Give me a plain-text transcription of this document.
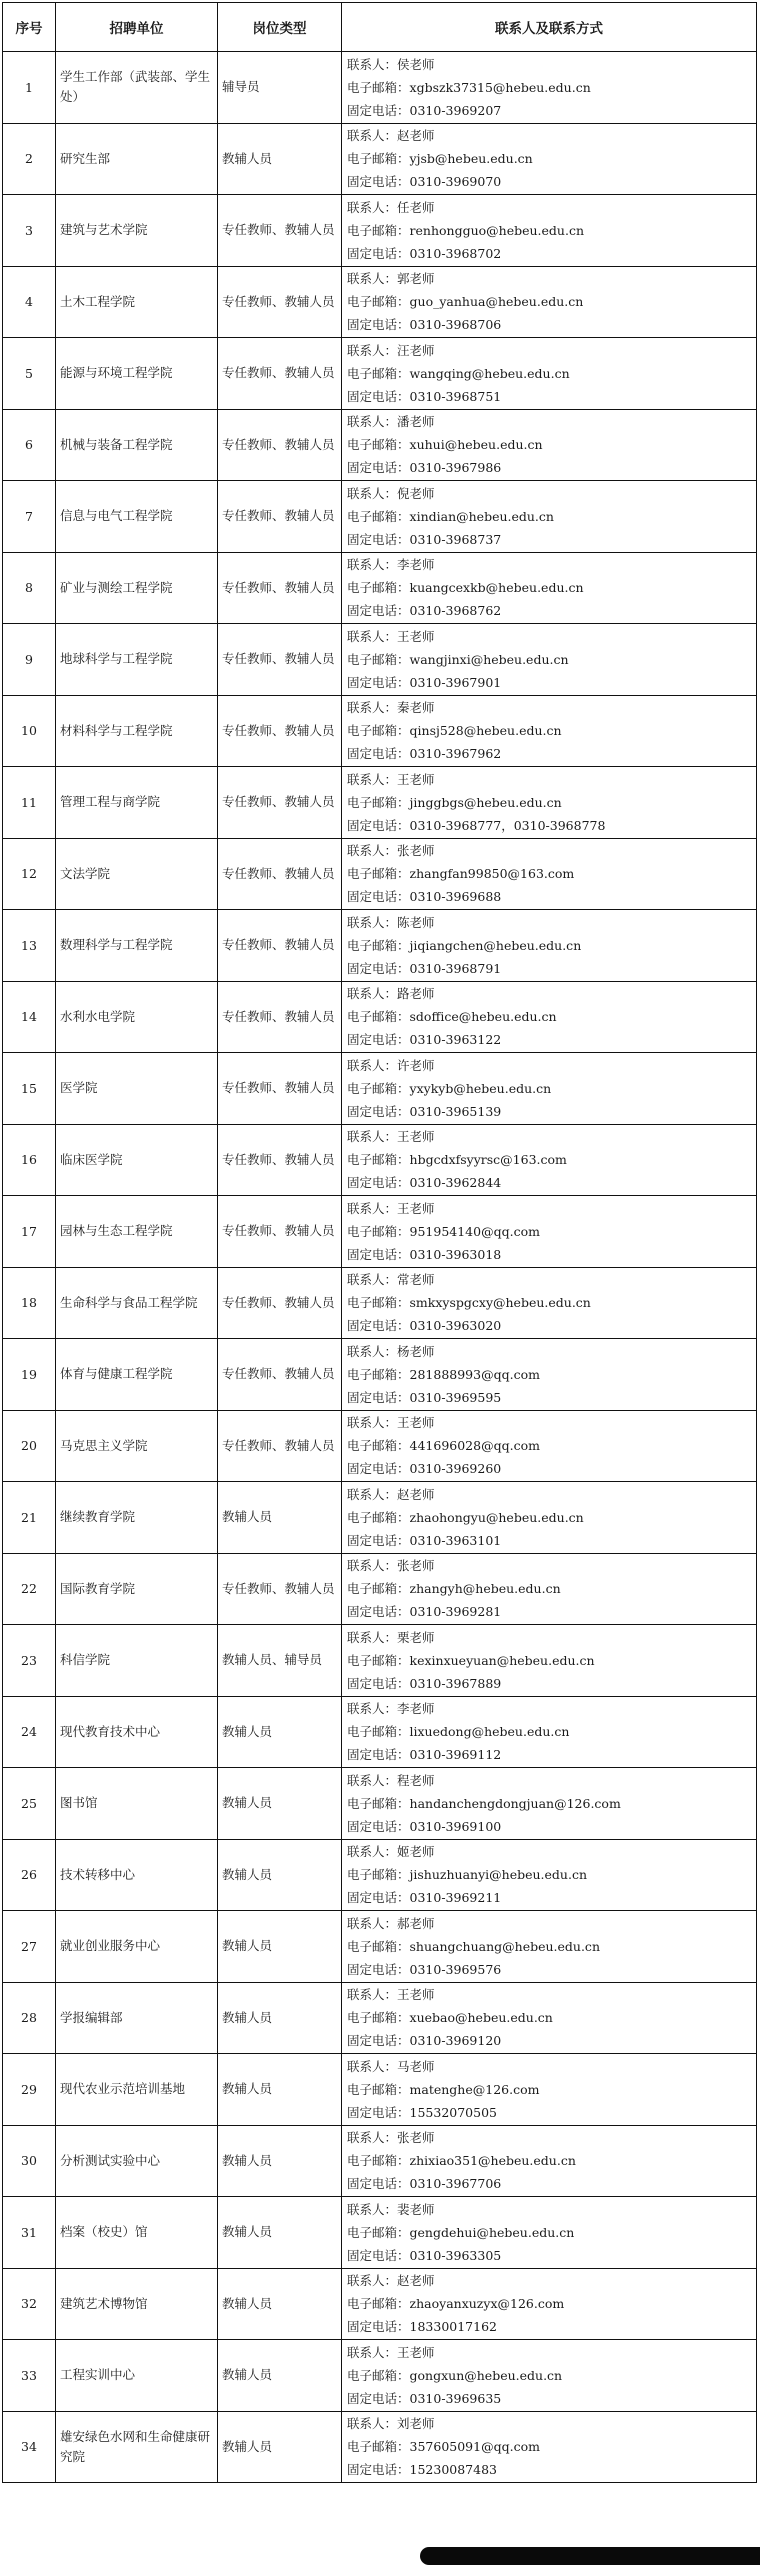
序号	招聘单位	岗位类型	联系人及联系方式
1	学生工作部（武装部、学生处）	辅导员	联系人：侯老师
电子邮箱：xgbszk37315@hebeu.edu.cn
固定电话：0310-3969207

2	研究生部	教辅人员	联系人：赵老师
电子邮箱：yjsb@hebeu.edu.cn
固定电话：0310-3969070

3	建筑与艺术学院	专任教师、教辅人员	联系人：任老师
电子邮箱：renhongguo@hebeu.edu.cn
固定电话：0310-3968702

4	土木工程学院	专任教师、教辅人员	联系人：郭老师
电子邮箱：guo_yanhua@hebeu.edu.cn
固定电话：0310-3968706

5	能源与环境工程学院	专任教师、教辅人员	联系人：汪老师
电子邮箱：wangqing@hebeu.edu.cn
固定电话：0310-3968751

6	机械与装备工程学院	专任教师、教辅人员	联系人：潘老师
电子邮箱：xuhui@hebeu.edu.cn
固定电话：0310-3967986

7	信息与电气工程学院	专任教师、教辅人员	联系人：倪老师
电子邮箱：xindian@hebeu.edu.cn
固定电话：0310-3968737

8	矿业与测绘工程学院	专任教师、教辅人员	联系人：李老师
电子邮箱：kuangcexkb@hebeu.edu.cn
固定电话：0310-3968762

9	地球科学与工程学院	专任教师、教辅人员	联系人：王老师
电子邮箱：wangjinxi@hebeu.edu.cn
固定电话：0310-3967901

10	材料科学与工程学院	专任教师、教辅人员	联系人：秦老师
电子邮箱：qinsj528@hebeu.edu.cn
固定电话：0310-3967962

11	管理工程与商学院	专任教师、教辅人员	联系人：王老师
电子邮箱：jinggbgs@hebeu.edu.cn
固定电话：0310-3968777，0310-3968778

12	文法学院	专任教师、教辅人员	联系人：张老师
电子邮箱：zhangfan99850@163.com
固定电话：0310-3969688

13	数理科学与工程学院	专任教师、教辅人员	联系人：陈老师
电子邮箱：jiqiangchen@hebeu.edu.cn
固定电话：0310-3968791

14	水利水电学院	专任教师、教辅人员	联系人：路老师
电子邮箱：sdoffice@hebeu.edu.cn
固定电话：0310-3963122

15	医学院	专任教师、教辅人员	联系人：许老师
电子邮箱：yxykyb@hebeu.edu.cn
固定电话：0310-3965139

16	临床医学院	专任教师、教辅人员	联系人：王老师
电子邮箱：hbgcdxfsyyrsc@163.com
固定电话：0310-3962844

17	园林与生态工程学院	专任教师、教辅人员	联系人：王老师
电子邮箱：951954140@qq.com
固定电话：0310-3963018

18	生命科学与食品工程学院	专任教师、教辅人员	联系人：常老师
电子邮箱：smkxyspgcxy@hebeu.edu.cn
固定电话：0310-3963020

19	体育与健康工程学院	专任教师、教辅人员	联系人：杨老师
电子邮箱：281888993@qq.com
固定电话：0310-3969595

20	马克思主义学院	专任教师、教辅人员	联系人：王老师
电子邮箱：441696028@qq.com
固定电话：0310-3969260

21	继续教育学院	教辅人员	联系人：赵老师
电子邮箱：zhaohongyu@hebeu.edu.cn
固定电话：0310-3963101

22	国际教育学院	专任教师、教辅人员	联系人：张老师
电子邮箱：zhangyh@hebeu.edu.cn
固定电话：0310-3969281

23	科信学院	教辅人员、辅导员	联系人：栗老师
电子邮箱：kexinxueyuan@hebeu.edu.cn
固定电话：0310-3967889

24	现代教育技术中心	教辅人员	联系人：李老师
电子邮箱：lixuedong@hebeu.edu.cn
固定电话：0310-3969112

25	图书馆	教辅人员	联系人：程老师
电子邮箱：handanchengdongjuan@126.com
固定电话：0310-3969100

26	技术转移中心	教辅人员	联系人：姬老师
电子邮箱：jishuzhuanyi@hebeu.edu.cn
固定电话：0310-3969211

27	就业创业服务中心	教辅人员	联系人：郝老师
电子邮箱：shuangchuang@hebeu.edu.cn
固定电话：0310-3969576

28	学报编辑部	教辅人员	联系人：王老师
电子邮箱：xuebao@hebeu.edu.cn
固定电话：0310-3969120

29	现代农业示范培训基地	教辅人员	联系人：马老师
电子邮箱：matenghe@126.com
固定电话：15532070505

30	分析测试实验中心	教辅人员	联系人：张老师
电子邮箱：zhixiao351@hebeu.edu.cn
固定电话：0310-3967706

31	档案（校史）馆	教辅人员	联系人：裴老师
电子邮箱：gengdehui@hebeu.edu.cn
固定电话：0310-3963305

32	建筑艺术博物馆	教辅人员	联系人：赵老师
电子邮箱：zhaoyanxuzyx@126.com
固定电话：18330017162

33	工程实训中心	教辅人员	联系人：王老师
电子邮箱：gongxun@hebeu.edu.cn
固定电话：0310-3969635

34	雄安绿色水网和生命健康研究院	教辅人员	联系人：刘老师
电子邮箱：357605091@qq.com
固定电话：15230087483
